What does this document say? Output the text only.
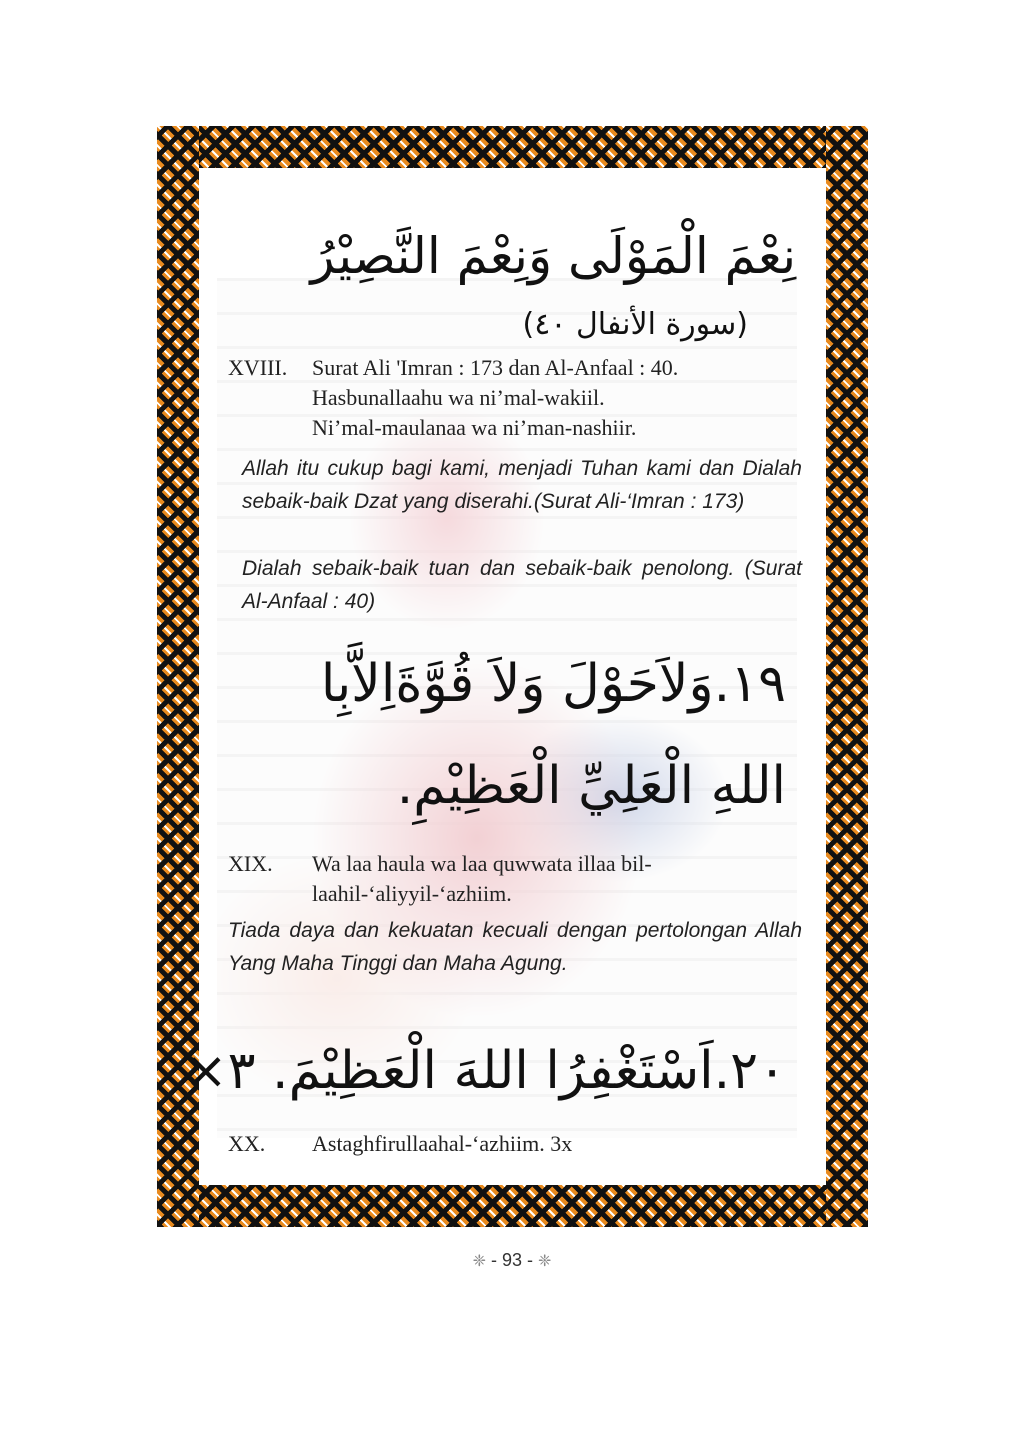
نِعْمَ الْمَوْلَى وَنِعْمَ النَّصِيْرُ
(سورة الأنفال ٤٠)
XVIII. Surat Ali 'Imran : 173 dan Al-Anfaal : 40.
Hasbunallaahu wa ni’mal-wakiil.
Ni’mal-maulanaa wa ni’man-nashiir.
Allah itu cukup bagi kami, menjadi Tuhan kami dan Dialah sebaik-baik Dzat yang diserahi.(Surat Ali-‘Imran : 173)
Dialah sebaik-baik tuan dan sebaik-baik penolong. (Surat Al-Anfaal : 40)
١٩.وَلاَحَوْلَ وَلاَ قُوَّةَاِلاَّبِا
اللهِ الْعَلِيِّ الْعَظِيْمِ.
XIX. Wa laa haula wa laa quwwata illaa bil-
laahil-‘aliyyil-‘azhiim.
Tiada daya dan kekuatan kecuali dengan pertolongan Allah Yang Maha Tinggi dan Maha Agung.
٢٠.اَسْتَغْفِرُا اللهَ الْعَظِيْمَ. ٣×
XX. Astaghfirullaahal-‘azhiim. 3x
❈ - 93 - ❈
